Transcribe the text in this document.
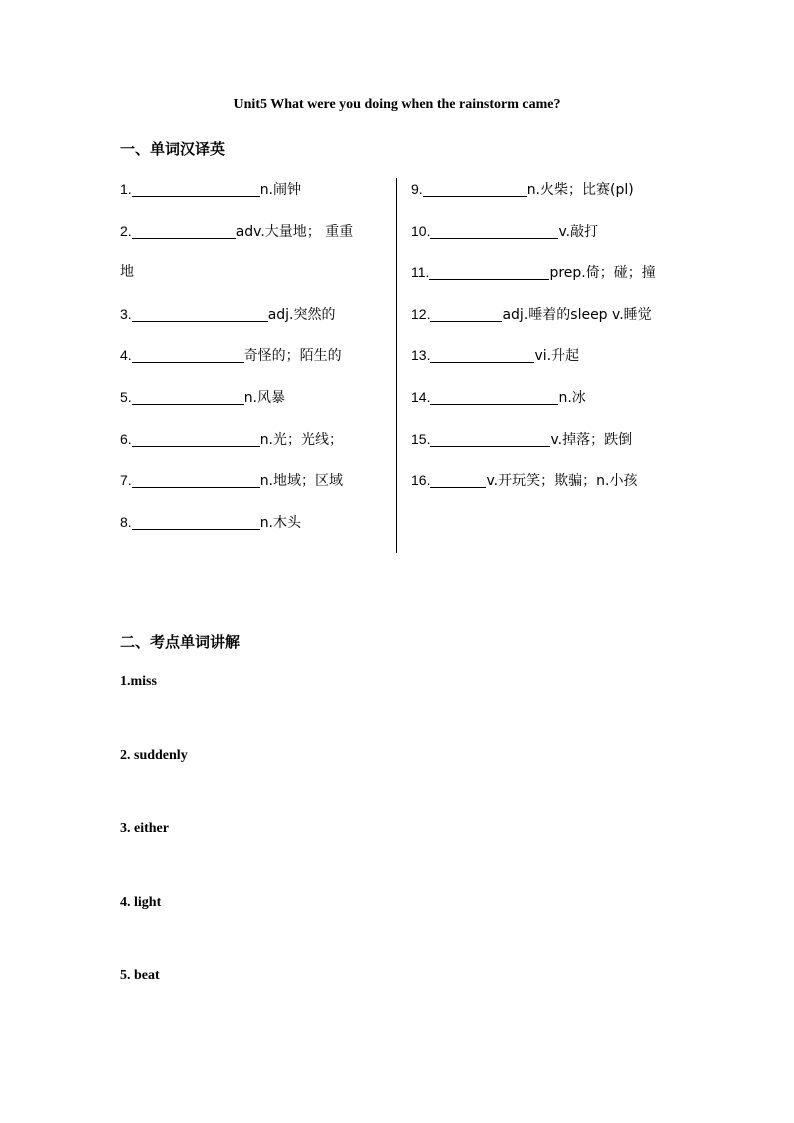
Unit5 What were you doing when the rainstorm came?
一、单词汉译英
1.	n.闹钟
2.	adv.大量地； 重重
地
3.	adj.突然的
4.	奇怪的；陌生的
5.	n.风暴
6.	n.光；光线；
7.	n.地域；区域
8.	n.木头
9.	n.火柴；比赛(pl)
10.	v.敲打
11.	prep.倚；碰；撞
12.	adj.唾着的sleep v.睡觉
13.	vi.升起
14.	n.冰
15.	v.掉落；跌倒
16.	v.开玩笑；欺骗；n.小孩
二、考点单词讲解
1.miss
2. suddenly
3. either
4. light
5. beat
